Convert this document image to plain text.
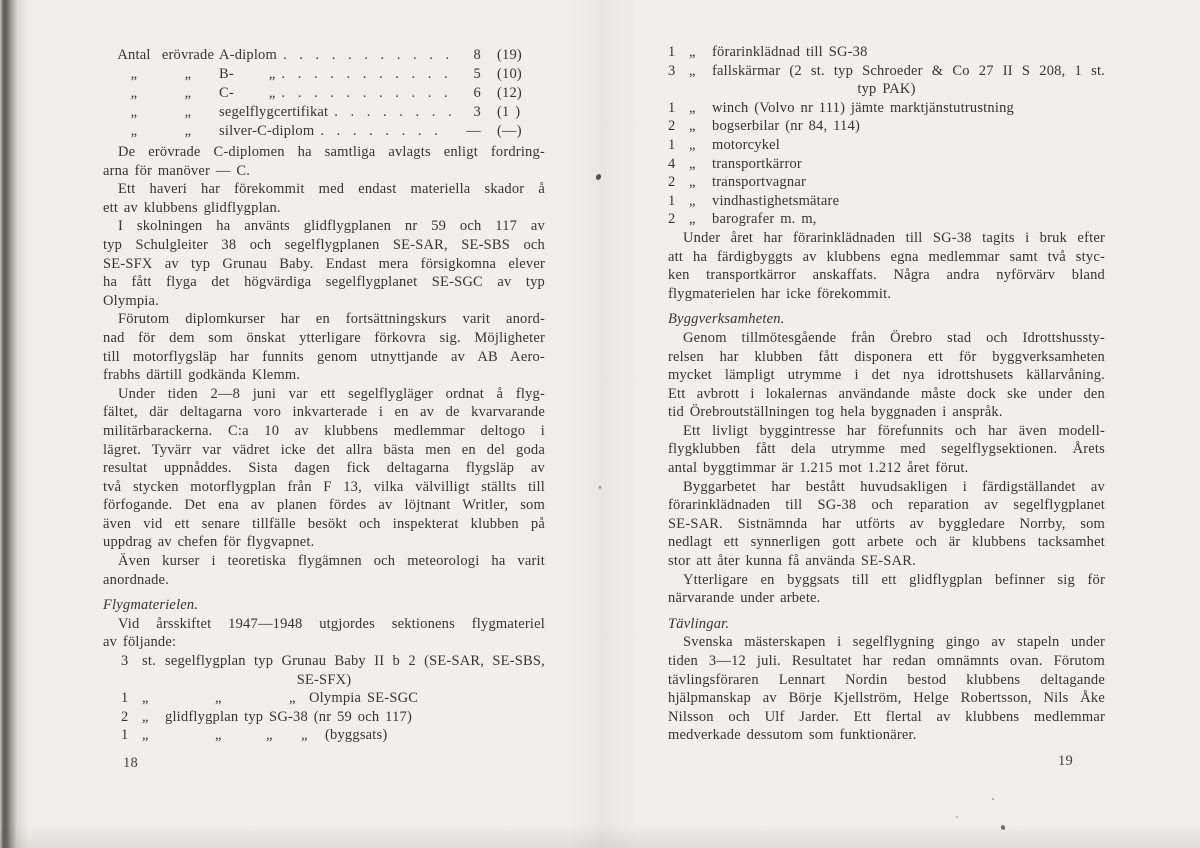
Antal erövrade A-diplom . . .	8	(19)
„	„	B-      „ . . .	5	(10)
„	„	C-      „ . . .	6	(12)
„	„	segelflygcertifikat . . .	3	(1 )
„	„	silver-C-diplom . . .	—	(—)
De erövrade C-diplomen ha samtliga avlagts enligt fordring-
arna för manöver — C.
Ett haveri har förekommit med endast materiella skador å
ett av klubbens glidflygplan.
I skolningen ha använts glidflygplanen nr 59 och 117 av
typ Schulgleiter 38 och segelflygplanen SE-SAR, SE-SBS och
SE-SFX av typ Grunau Baby. Endast mera försigkomna elever
ha fått flyga det högvärdiga segelflygplanet SE-SGC av typ
Olympia.
Förutom diplomkurser har en fortsättningskurs varit anord-
nad för dem som önskat ytterligare förkovra sig. Möjligheter
till motorflygsläp har funnits genom utnyttjande av AB Aero-
frabhs därtill godkända Klemm.
Under tiden 2—8 juni var ett segelflygläger ordnat å flyg-
fältet, där deltagarna voro inkvarterade i en av de kvarvarande
militärbarackerna. C:a 10 av klubbens medlemmar deltogo i
lägret. Tyvärr var vädret icke det allra bästa men en del goda
resultat uppnåddes. Sista dagen fick deltagarna flygsläp av
två stycken motorflygplan från F 13, vilka välvilligt ställts till
förfogande. Det ena av planen fördes av löjtnant Writler, som
även vid ett senare tillfälle besökt och inspekterat klubben på
uppdrag av chefen för flygvapnet.
Även kurser i teoretiska flygämnen och meteorologi ha varit
anordnade.
Flygmaterielen.
Vid årsskiftet 1947—1948 utgjordes sektionens flygmateriel
av följande:
3 st. segelflygplan typ Grunau Baby II b 2 (SE-SAR, SE-SBS,
SE-SFX)
1 „	„	„ Olympia SE-SGC
2 „	glidflygplan typ SG-38 (nr 59 och 117)
1 „	„	„ „ (byggsats)
1 „	förarinklädnad till SG-38
3 „	fallskärmar (2 st. typ Schroeder & Co 27 II S 208, 1 st.
typ PAK)
1 „	winch (Volvo nr 111) jämte marktjänstutrustning
2 „	bogserbilar (nr 84, 114)
1 „	motorcykel
4 „	transportkärror
2 „	transportvagnar
1 „	vindhastighetsmätare
2 „	barografer m. m,
Under året har förarinklädnaden till SG-38 tagits i bruk efter
att ha färdigbyggts av klubbens egna medlemmar samt två styc-
ken transportkärror anskaffats. Några andra nyförvärv bland
flygmaterielen har icke förekommit.
Byggverksamheten.
Genom tillmötesgående från Örebro stad och Idrottshussty-
relsen har klubben fått disponera ett för byggverksamheten
mycket lämpligt utrymme i det nya idrottshusets källarvåning.
Ett avbrott i lokalernas användande måste dock ske under den
tid Örebroutställningen tog hela byggnaden i anspråk.
Ett livligt byggintresse har förefunnits och har även modell-
flygklubben fått dela utrymme med segelflygsektionen. Årets
antal byggtimmar är 1.215 mot 1.212 året förut.
Byggarbetet har bestått huvudsakligen i färdigställandet av
förarinklädnaden till SG-38 och reparation av segelflygplanet
SE-SAR. Sistnämnda har utförts av byggledare Norrby, som
nedlagt ett synnerligen gott arbete och är klubbens tacksamhet
stor att åter kunna få använda SE-SAR.
Ytterligare en byggsats till ett glidflygplan befinner sig för
närvarande under arbete.
Tävlingar.
Svenska mästerskapen i segelflygning gingo av stapeln under
tiden 3—12 juli. Resultatet har redan omnämnts ovan. Förutom
tävlingsföraren Lennart Nordin bestod klubbens deltagande
hjälpmanskap av Börje Kjellström, Helge Robertsson, Nils Åke
Nilsson och Ulf Jarder. Ett flertal av klubbens medlemmar
medverkade dessutom som funktionärer.
18	19
